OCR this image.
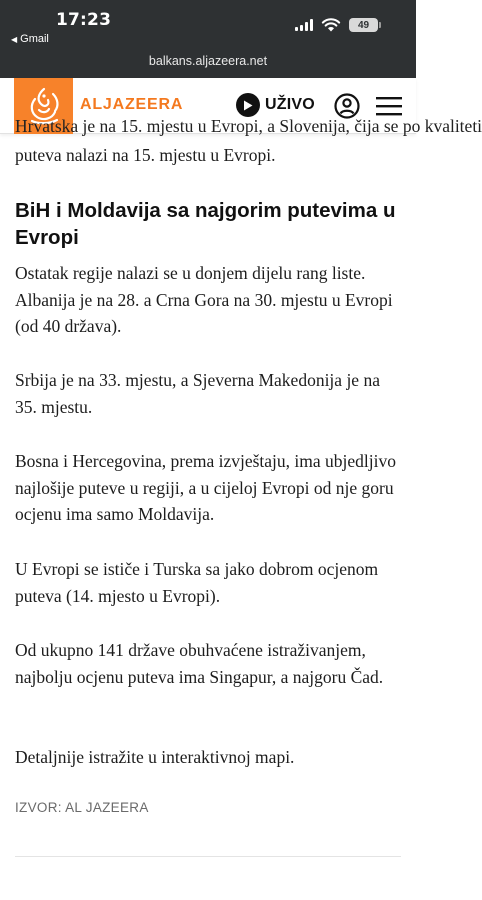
17:23
◀ Gmail
49
balkans.aljazeera.net
ALJAZEERA	UŽIVO
Hrvatska je na 15. mjestu u Evropi, a Slovenija, čija se po kvaliteti

puteva nalazi na 15. mjestu u Evropi.

BiH i Moldavija sa najgorim putevima u Evropi

Ostatak regije nalazi se u donjem dijelu rang liste. Albanija je na 28. a Crna Gora na 30. mjestu u Evropi (od 40 država).

Srbija je na 33. mjestu, a Sjeverna Makedonija je na 35. mjestu.

Bosna i Hercegovina, prema izvještaju, ima ubjedljivo najlošije puteve u regiji, a u cijeloj Evropi od nje goru ocjenu ima samo Moldavija.

U Evropi se ističe i Turska sa jako dobrom ocjenom puteva (14. mjesto u Evropi).

Od ukupno 141 države obuhvaćene istraživanjem, najbolju ocjenu puteva ima Singapur, a najgoru Čad.

Detaljnije istražite u interaktivnoj mapi.

IZVOR: AL JAZEERA
